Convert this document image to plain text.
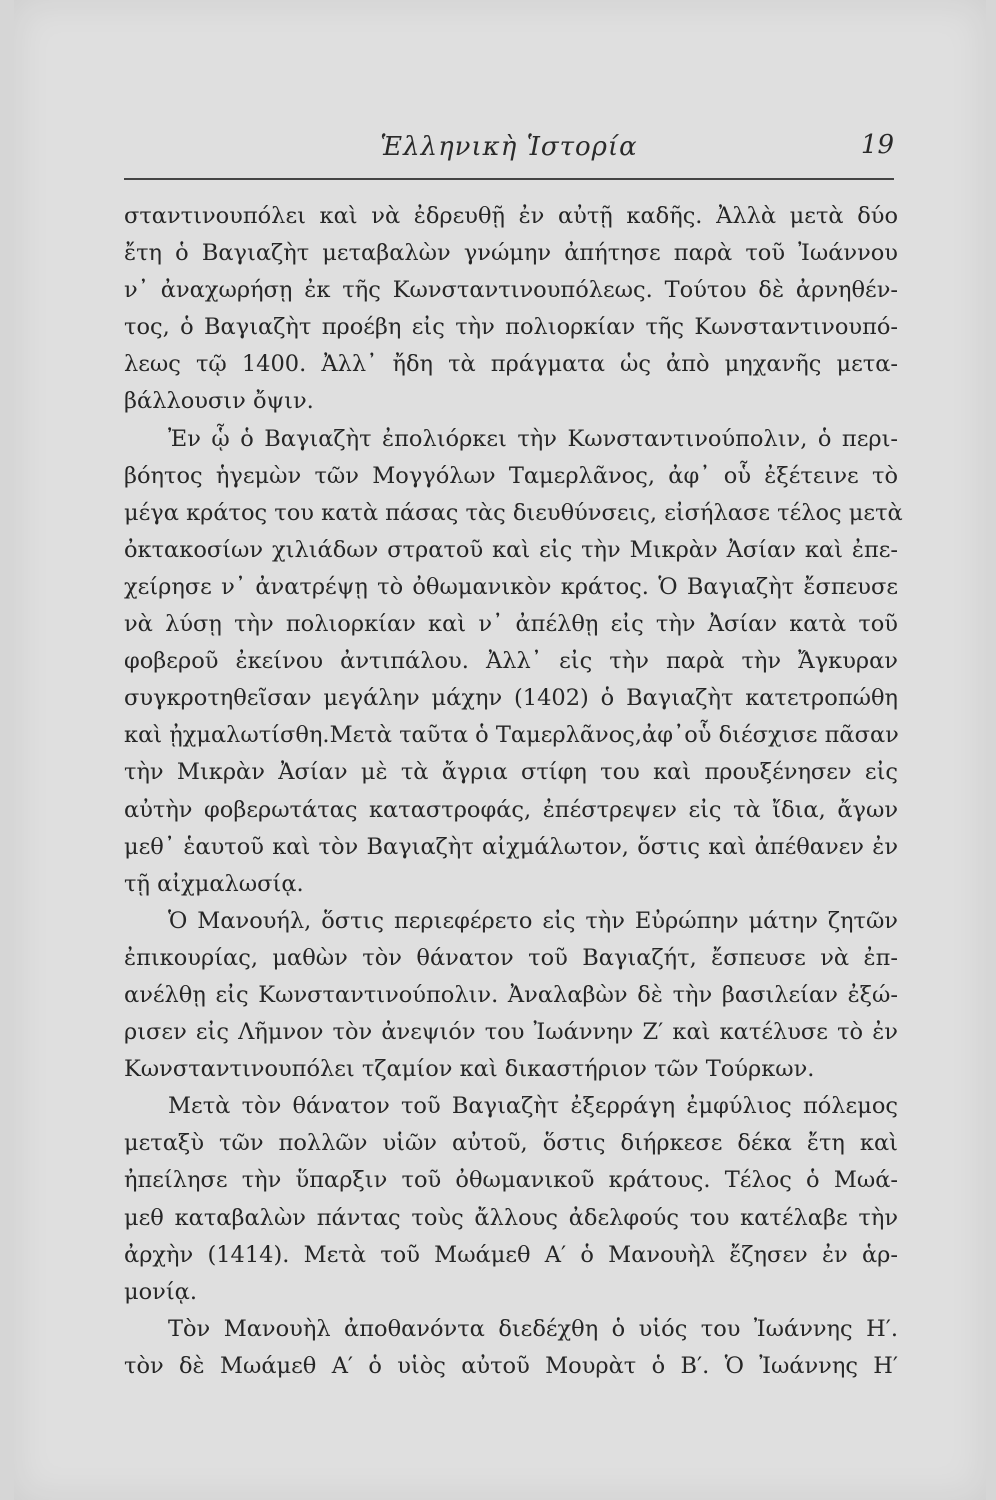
Ἑλληνικὴ Ἱστορία	19
σταντινουπόλει καὶ νὰ ἐδρευθῇ ἐν αὐτῇ καδῆς. Ἀλλὰ μετὰ δύο
ἔτη ὁ Βαγιαζὴτ μεταβαλὼν γνώμην ἀπήτησε παρὰ τοῦ Ἰωάννου
ν᾽ ἀναχωρήσῃ ἐκ τῆς Κωνσταντινουπόλεως. Τούτου δὲ ἀρνηθέν-
τος, ὁ Βαγιαζὴτ προέβη εἰς τὴν πολιορκίαν τῆς Κωνσταντινουπό-
λεως τῷ 1400. Ἀλλ᾽ ἤδη τὰ πράγματα ὡς ἀπὸ μηχανῆς μετα-
βάλλουσιν ὄψιν.
Ἐν ᾧ ὁ Βαγιαζὴτ ἐπολιόρκει τὴν Κωνσταντινούπολιν, ὁ περι-
βόητος ἡγεμὼν τῶν Μογγόλων Ταμερλᾶνος, ἀφ᾽ οὗ ἐξέτεινε τὸ
μέγα κράτος του κατὰ πάσας τὰς διευθύνσεις, εἰσήλασε τέλος μετὰ
ὀκτακοσίων χιλιάδων στρατοῦ καὶ εἰς τὴν Μικρὰν Ἀσίαν καὶ ἐπε-
χείρησε ν᾽ ἀνατρέψῃ τὸ ὀθωμανικὸν κράτος. Ὁ Βαγιαζὴτ ἔσπευσε
νὰ λύσῃ τὴν πολιορκίαν καὶ ν᾽ ἀπέλθῃ εἰς τὴν Ἀσίαν κατὰ τοῦ
φοβεροῦ ἐκείνου ἀντιπάλου. Ἀλλ᾽ εἰς τὴν παρὰ τὴν Ἄγκυραν
συγκροτηθεῖσαν μεγάλην μάχην (1402) ὁ Βαγιαζὴτ κατετροπώθη
καὶ ᾐχμαλωτίσθη.Μετὰ ταῦτα ὁ Ταμερλᾶνος,ἀφ᾽οὗ διέσχισε πᾶσαν
τὴν Μικρὰν Ἀσίαν μὲ τὰ ἄγρια στίφη του καὶ προυξένησεν εἰς
αὐτὴν φοβερωτάτας καταστροφάς, ἐπέστρεψεν εἰς τὰ ἴδια, ἄγων
μεθ᾽ ἑαυτοῦ καὶ τὸν Βαγιαζὴτ αἰχμάλωτον, ὅστις καὶ ἀπέθανεν ἐν
τῇ αἰχμαλωσίᾳ.
Ὁ Μανουήλ, ὅστις περιεφέρετο εἰς τὴν Εὐρώπην μάτην ζητῶν
ἐπικουρίας, μαθὼν τὸν θάνατον τοῦ Βαγιαζήτ, ἔσπευσε νὰ ἐπ-
ανέλθῃ εἰς Κωνσταντινούπολιν. Ἀναλαβὼν δὲ τὴν βασιλείαν ἐξώ-
ρισεν εἰς Λῆμνον τὸν ἀνεψιόν του Ἰωάννην Ζ′ καὶ κατέλυσε τὸ ἐν
Κωνσταντινουπόλει τζαμίον καὶ δικαστήριον τῶν Τούρκων.
Μετὰ τὸν θάνατον τοῦ Βαγιαζὴτ ἐξερράγη ἐμφύλιος πόλεμος
μεταξὺ τῶν πολλῶν υἱῶν αὐτοῦ, ὅστις διήρκεσε δέκα ἔτη καὶ
ἠπείλησε τὴν ὕπαρξιν τοῦ ὀθωμανικοῦ κράτους. Τέλος ὁ Μωά-
μεθ καταβαλὼν πάντας τοὺς ἄλλους ἀδελφούς του κατέλαβε τὴν
ἀρχὴν (1414). Μετὰ τοῦ Μωάμεθ Α′ ὁ Μανουὴλ ἔζησεν ἐν ἁρ-
μονίᾳ.
Τὸν Μανουὴλ ἀποθανόντα διεδέχθη ὁ υἱός του Ἰωάννης Η′.
τὸν δὲ Μωάμεθ Α′ ὁ υἱὸς αὐτοῦ Μουρὰτ ὁ Β′. Ὁ Ἰωάννης Η′
